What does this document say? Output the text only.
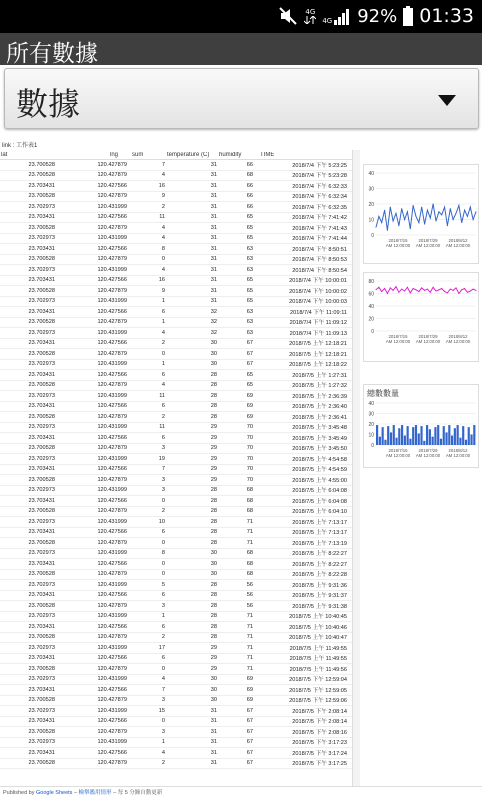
4G
4G 92% 01:33
所有數據
數據
link : 工作表1
lat	lng	sum	temperature (C)	humidity	TIME
23.700528	120.427879	7	31	66	2018/7/4 下午 5:23:25
23.700528	120.427879	4	31	68	2018/7/4 下午 5:23:28
23.703431	120.427566	16	31	66	2018/7/4 下午 6:32:33
23.700528	120.427879	9	31	66	2018/7/4 下午 6:32:34
23.702973	120.431999	2	31	66	2018/7/4 下午 6:32:35
23.703431	120.427566	11	31	65	2018/7/4 下午 7:41:42
23.700528	120.427879	4	31	65	2018/7/4 下午 7:41:43
23.702973	120.431999	4	31	65	2018/7/4 下午 7:41:44
23.703431	120.427566	8	31	63	2018/7/4 下午 8:50:51
23.700528	120.427879	0	31	63	2018/7/4 下午 8:50:53
23.702973	120.431999	4	31	63	2018/7/4 下午 8:50:54
23.703431	120.427566	16	31	65	2018/7/4 下午 10:00:01
23.700528	120.427879	9	31	65	2018/7/4 下午 10:00:02
23.702973	120.431999	1	31	65	2018/7/4 下午 10:00:03
23.703431	120.427566	6	32	63	2018/7/4 下午 11:09:11
23.700528	120.427879	1	32	63	2018/7/4 下午 11:09:12
23.702973	120.431999	4	32	63	2018/7/4 下午 11:09:13
23.703431	120.427566	2	30	67	2018/7/5 上午 12:18:21
23.700528	120.427879	0	30	67	2018/7/5 上午 12:18:21
23.702973	120.431999	1	30	67	2018/7/5 上午 12:18:22
23.703431	120.427566	6	28	65	2018/7/5 上午 1:27:31
23.700528	120.427879	4	28	65	2018/7/5 上午 1:27:32
23.702973	120.431999	11	28	69	2018/7/5 上午 2:36:39
23.703431	120.427566	6	28	69	2018/7/5 上午 2:36:40
23.700528	120.427879	2	28	69	2018/7/5 上午 2:36:41
23.702973	120.431999	11	29	70	2018/7/5 上午 3:45:48
23.703431	120.427566	6	29	70	2018/7/5 上午 3:45:49
23.700528	120.427879	3	29	70	2018/7/5 上午 3:45:50
23.702973	120.431999	19	29	70	2018/7/5 上午 4:54:58
23.703431	120.427566	7	29	70	2018/7/5 上午 4:54:59
23.700528	120.427879	3	29	70	2018/7/5 上午 4:55:00
23.702973	120.431999	3	28	68	2018/7/5 上午 6:04:08
23.703431	120.427566	0	28	68	2018/7/5 上午 6:04:08
23.700528	120.427879	2	28	68	2018/7/5 上午 6:04:10
23.702973	120.431999	10	28	71	2018/7/5 上午 7:13:17
23.703431	120.427566	6	28	71	2018/7/5 上午 7:13:17
23.700528	120.427879	0	28	71	2018/7/5 上午 7:13:19
23.702973	120.431999	8	30	68	2018/7/5 上午 8:22:27
23.703431	120.427566	0	30	68	2018/7/5 上午 8:22:27
23.700528	120.427879	0	30	68	2018/7/5 上午 8:22:28
23.702973	120.431999	5	28	56	2018/7/5 上午 9:31:36
23.703431	120.427566	6	28	56	2018/7/5 上午 9:31:37
23.700528	120.427879	3	28	56	2018/7/5 上午 9:31:38
23.702973	120.431999	1	28	71	2018/7/5 上午 10:40:45
23.703431	120.427566	6	28	71	2018/7/5 上午 10:40:46
23.700528	120.427879	2	28	71	2018/7/5 上午 10:40:47
23.702973	120.431999	17	29	71	2018/7/5 上午 11:49:55
23.703431	120.427566	6	29	71	2018/7/5 上午 11:49:55
23.700528	120.427879	0	29	71	2018/7/5 上午 11:49:56
23.702973	120.431999	4	30	69	2018/7/5 下午 12:59:04
23.703431	120.427566	7	30	69	2018/7/5 下午 12:59:05
23.700528	120.427879	3	30	69	2018/7/5 下午 12:59:06
23.702973	120.431999	15	31	67	2018/7/5 下午 2:08:14
23.703431	120.427566	0	31	67	2018/7/5 下午 2:08:14
23.700528	120.427879	3	31	67	2018/7/5 下午 2:08:16
23.702973	120.431999	1	31	67	2018/7/5 下午 3:17:23
23.703431	120.427566	4	31	67	2018/7/5 下午 3:17:24
23.700528	120.427879	2	31	67	2018/7/5 下午 3:17:25
40
30
20
10
0
2018/7/15
AM 12:00:00
2018/7/29
AM 12:00:00
2018/8/12
AM 12:00:00
80
60
40
20
0
2018/7/15
AM 12:00:00
2018/7/29
AM 12:00:00
2018/8/12
AM 12:00:00
總數數量
40
30
20
10
0
2018/7/15
AM 12:00:00
2018/7/29
AM 12:00:00
2018/8/12
AM 12:00:00
Published by Google Sheets – 檢舉濫用情形 – 每 5 分鐘自動更新
